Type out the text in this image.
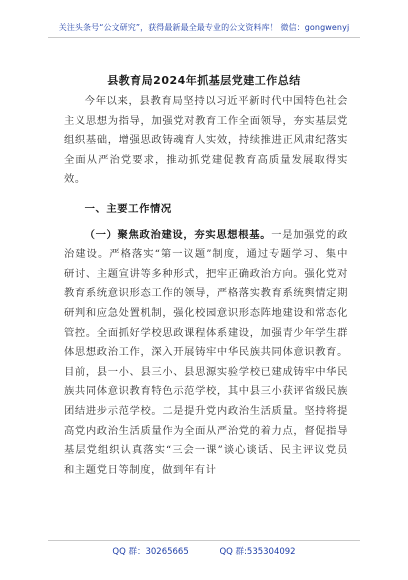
关注头条号“公文研究”，获得最新最全最专业的公文资料库！ 微信：gongwenyj
县教育局2024年抓基层党建工作总结

今年以来，县教育局坚持以习近平新时代中国特色社会主义思想为指导，加强党对教育工作全面领导，夯实基层党组织基础，增强思政铸魂育人实效，持续推进正风肃纪落实全面从严治党要求，推动抓党建促教育高质量发展取得实效。

一、主要工作情况

（一）聚焦政治建设，夯实思想根基。一是加强党的政治建设。严格落实“第一议题”制度，通过专题学习、集中研讨、主题宣讲等多种形式，把牢正确政治方向。强化党对教育系统意识形态工作的领导，严格落实教育系统舆情定期研判和应急处置机制，强化校园意识形态阵地建设和常态化管控。全面抓好学校思政课程体系建设，加强青少年学生群体思想政治工作，深入开展铸牢中华民族共同体意识教育。目前，县一小、县三小、县思源实验学校已建成铸牢中华民族共同体意识教育特色示范学校，其中县三小获评省级民族团结进步示范学校。二是提升党内政治生活质量。坚持将提高党内政治生活质量作为全面从严治党的着力点，督促指导基层党组织认真落实“三会一课”谈心谈话、民主评议党员和主题党日等制度，做到年有计

QQ 群：30265665	QQ 群:535304092
